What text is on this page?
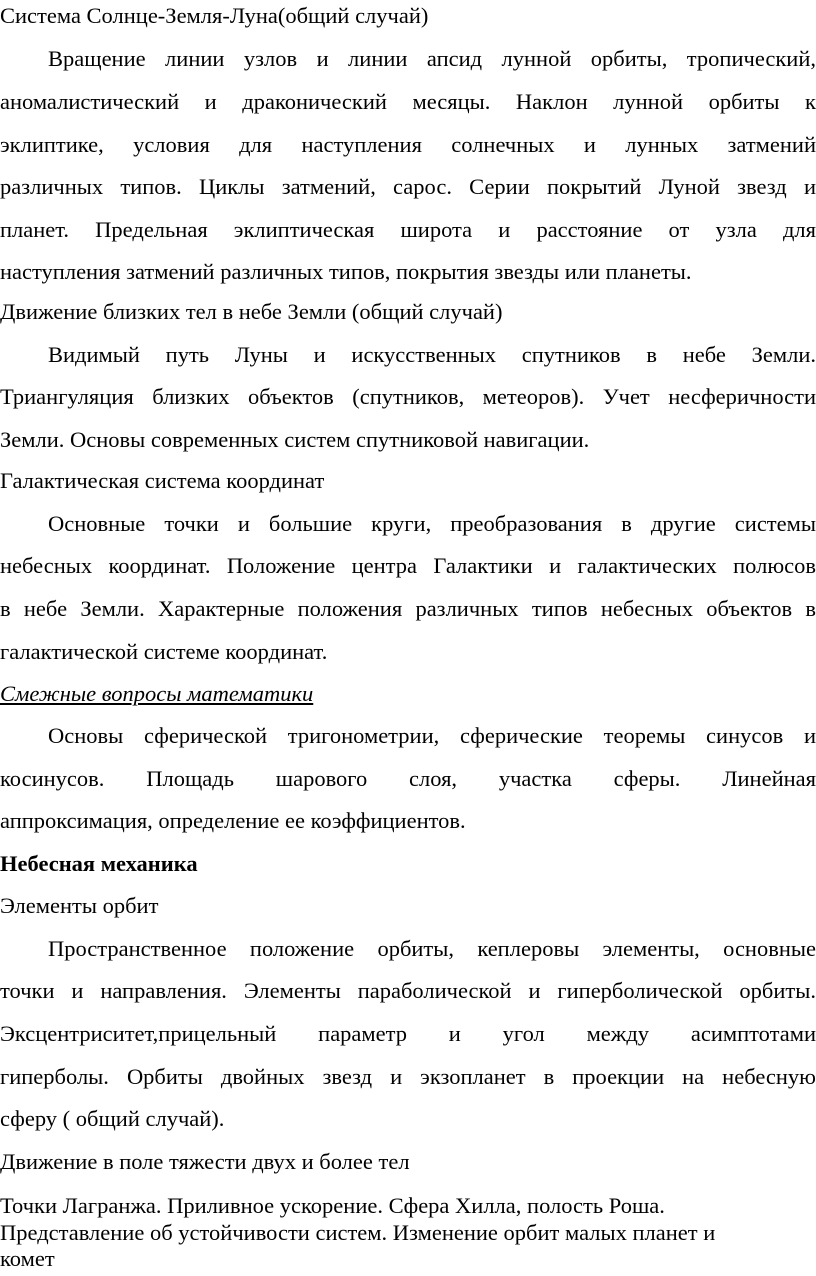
Система Солнце-Земля-Луна(общий случай)
Вращение линии узлов и линии апсид лунной орбиты, тропический,
аномалистический и драконический месяцы. Наклон лунной орбиты к
эклиптике, условия для наступления солнечных и лунных затмений
различных типов. Циклы затмений, сарос. Серии покрытий Луной звезд и
планет. Предельная эклиптическая широта и расстояние от узла для
наступления затмений различных типов, покрытия звезды или планеты.
Движение близких тел в небе Земли (общий случай)
Видимый путь Луны и искусственных спутников в небе Земли.
Триангуляция близких объектов (спутников, метеоров). Учет несферичности
Земли. Основы современных систем спутниковой навигации.
Галактическая система координат
Основные точки и большие круги, преобразования в другие системы
небесных координат. Положение центра Галактики и галактических полюсов
в небе Земли. Характерные положения различных типов небесных объектов в
галактической системе координат.
Смежные вопросы математики
Основы сферической тригонометрии, сферические теоремы синусов и
косинусов. Площадь шарового слоя, участка сферы. Линейная
аппроксимация, определение ее коэффициентов.
Небесная механика
Элементы орбит
Пространственное положение орбиты, кеплеровы элементы, основные
точки и направления. Элементы параболической и гиперболической орбиты.
Эксцентриситет,прицельный параметр и угол между асимптотами
гиперболы. Орбиты двойных звезд и экзопланет в проекции на небесную
сферу ( общий случай).
Движение в поле тяжести двух и более тел
Точки Лагранжа. Приливное ускорение. Сфера Хилла, полость Роша.
Представление об устойчивости систем. Изменение орбит малых планет и
комет
